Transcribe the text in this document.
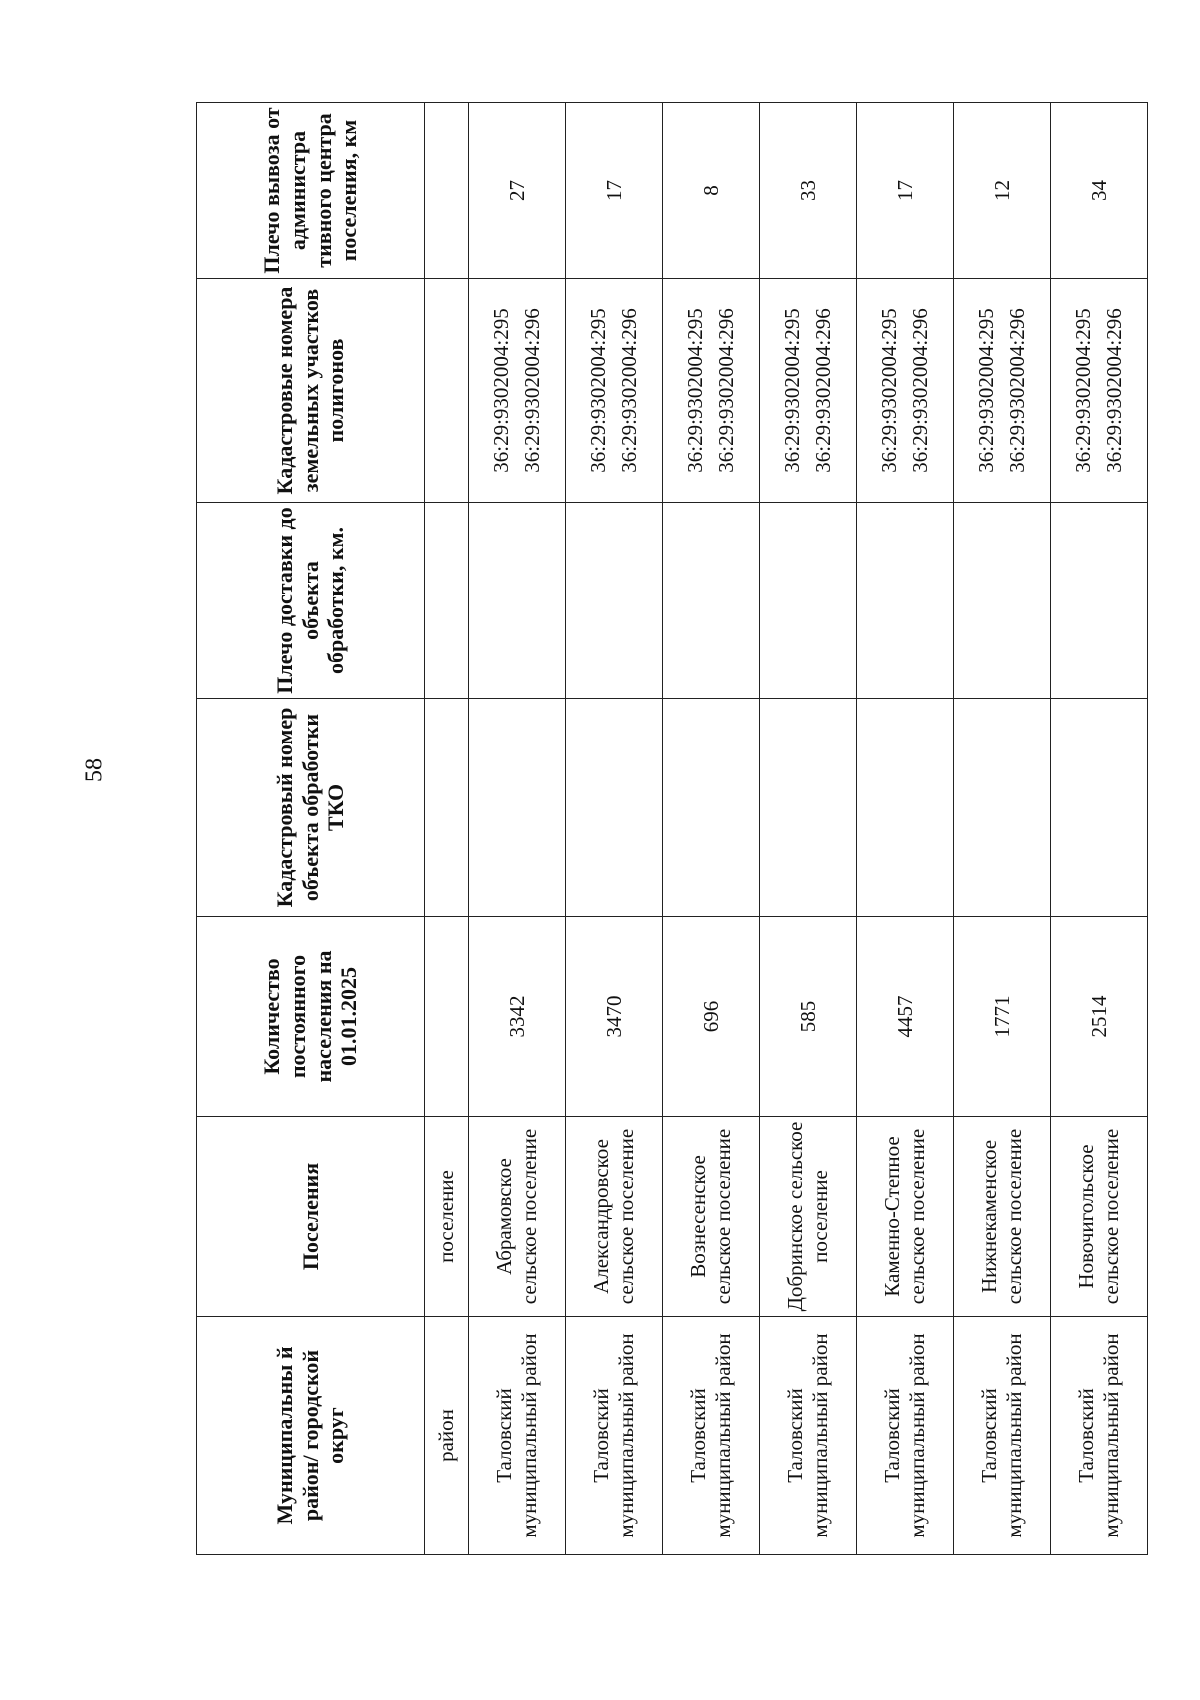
58
Муниципальны й район/ городской округ	Поселения	Количество постоянного населения на 01.01.2025	Кадастровый номер объекта обработки ТКО	Плечо доставки до объекта обработки, км.	Кадастровые номера земельных участков полигонов	Плечо вывоза от администра тивного центра поселения, км
район	поселение					
Таловский муниципальный район	Абрамовское сельское поселение	3342			36:29:9302004:295 36:29:9302004:296	27
Таловский муниципальный район	Александровское сельское поселение	3470			36:29:9302004:295 36:29:9302004:296	17
Таловский муниципальный район	Вознесенское сельское поселение	696			36:29:9302004:295 36:29:9302004:296	8
Таловский муниципальный район	Добринское сельское поселение	585			36:29:9302004:295 36:29:9302004:296	33
Таловский муниципальный район	Каменно-Степное сельское поселение	4457			36:29:9302004:295 36:29:9302004:296	17
Таловский муниципальный район	Нижнекаменское сельское поселение	1771			36:29:9302004:295 36:29:9302004:296	12
Таловский муниципальный район	Новочигольское сельское поселение	2514			36:29:9302004:295 36:29:9302004:296	34
